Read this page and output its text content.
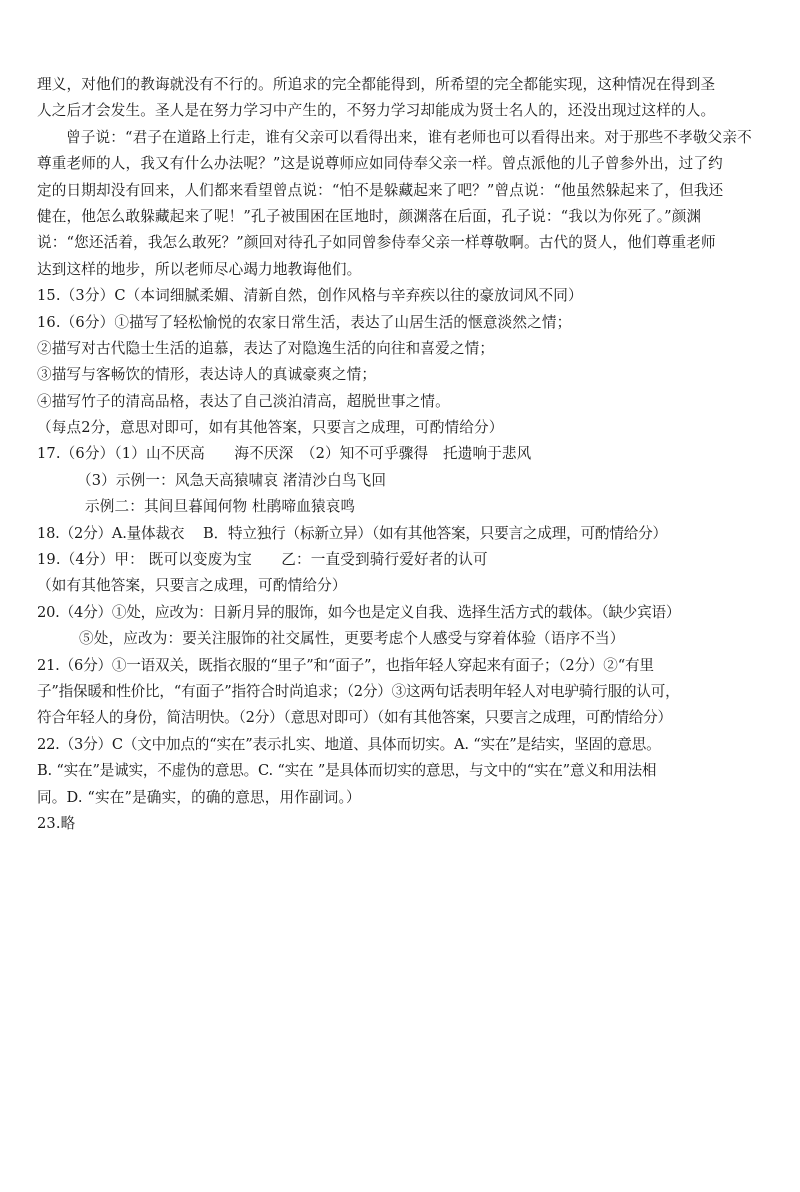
理义，对他们的教诲就没有不行的。所追求的完全都能得到，所希望的完全都能实现，这种情况在得到圣
人之后才会发生。圣人是在努力学习中产生的，不努力学习却能成为贤士名人的，还没出现过这样的人。
曾子说：“君子在道路上行走，谁有父亲可以看得出来，谁有老师也可以看得出来。对于那些不孝敬父亲不
尊重老师的人，我又有什么办法呢？”这是说尊师应如同侍奉父亲一样。曾点派他的儿子曾参外出，过了约
定的日期却没有回来，人们都来看望曾点说：“怕不是躲藏起来了吧？”曾点说：“他虽然躲起来了，但我还
健在，他怎么敢躲藏起来了呢！”孔子被围困在匡地时，颜渊落在后面，孔子说：“我以为你死了。”颜渊
说：“您还活着，我怎么敢死？”颜回对待孔子如同曾参侍奉父亲一样尊敬啊。古代的贤人，他们尊重老师
达到这样的地步，所以老师尽心竭力地教诲他们。
15.（3分）C（本词细腻柔媚、清新自然，创作风格与辛弃疾以往的豪放词风不同）
16.（6分）①描写了轻松愉悦的农家日常生活，表达了山居生活的惬意淡然之情；
②描写对古代隐士生活的追慕，表达了对隐逸生活的向往和喜爱之情；
③描写与客畅饮的情形，表达诗人的真诚豪爽之情；
④描写竹子的清高品格，表达了自己淡泊清高，超脱世事之情。
（每点2分，意思对即可，如有其他答案，只要言之成理，可酌情给分）
17.（6分）（1）山不厌高　　海不厌深　（2）知不可乎骤得　托遗响于悲风
（3）示例一：风急天高猿啸哀 渚清沙白鸟飞回
示例二：其间旦暮闻何物 杜鹃啼血猿哀鸣
18.（2分）A.量体裁衣　 B．特立独行（标新立异）（如有其他答案，只要言之成理，可酌情给分）
19.（4分）甲： 既可以变废为宝　　乙：一直受到骑行爱好者的认可
（如有其他答案，只要言之成理，可酌情给分）
20.（4分）①处，应改为：日新月异的服饰，如今也是定义自我、选择生活方式的载体。（缺少宾语）
⑤处，应改为：要关注服饰的社交属性，更要考虑个人感受与穿着体验（语序不当）
21.（6分）①一语双关，既指衣服的“里子”和“面子”，也指年轻人穿起来有面子；（2分）②“有里
子”指保暖和性价比，“有面子”指符合时尚追求；（2分）③这两句话表明年轻人对电驴骑行服的认可，
符合年轻人的身份，简洁明快。（2分）（意思对即可）（如有其他答案，只要言之成理，可酌情给分）
22.（3分）C（文中加点的“实在”表示扎实、地道、具体而切实。A. “实在”是结实，坚固的意思。
B. “实在”是诚实，不虚伪的意思。C. “实在 ”是具体而切实的意思，与文中的“实在”意义和用法相
同。D. “实在”是确实，的确的意思，用作副词。）
23.略
